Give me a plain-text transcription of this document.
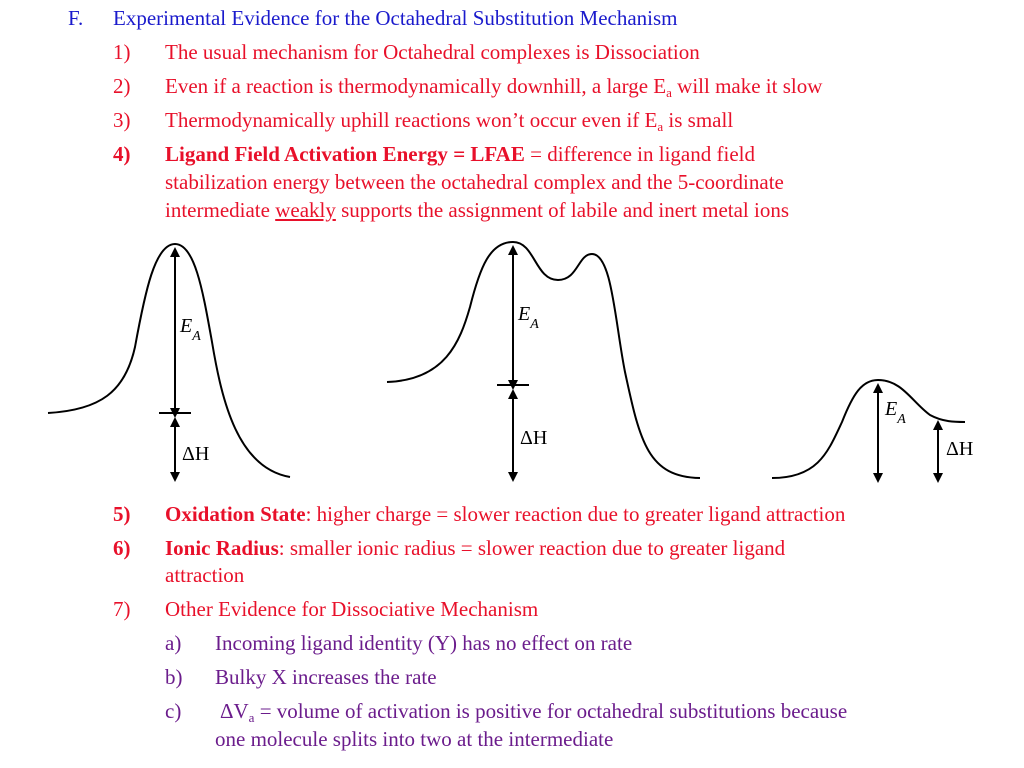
F. Experimental Evidence for the Octahedral Substitution Mechanism
1) The usual mechanism for Octahedral complexes is Dissociation
2) Even if a reaction is thermodynamically downhill, a large $E_a$ will make it slow
3) Thermodynamically uphill reactions won’t occur even if $E_a$ is small
4) Ligand Field Activation Energy = LFAE = difference in ligand field
stabilization energy between the octahedral complex and the 5-coordinate
intermediate weakly supports the assignment of labile and inert metal ions
$E_A$
ΔH
$E_A$
ΔH
$E_A$
ΔH
5) Oxidation State: higher charge = slower reaction due to greater ligand attraction
6) Ionic Radius: smaller ionic radius = slower reaction due to greater ligand
attraction
7) Other Evidence for Dissociative Mechanism
a) Incoming ligand identity (Y) has no effect on rate
b) Bulky X increases the rate
c) $\Delta V_a$ = volume of activation is positive for octahedral substitutions because
one molecule splits into two at the intermediate
